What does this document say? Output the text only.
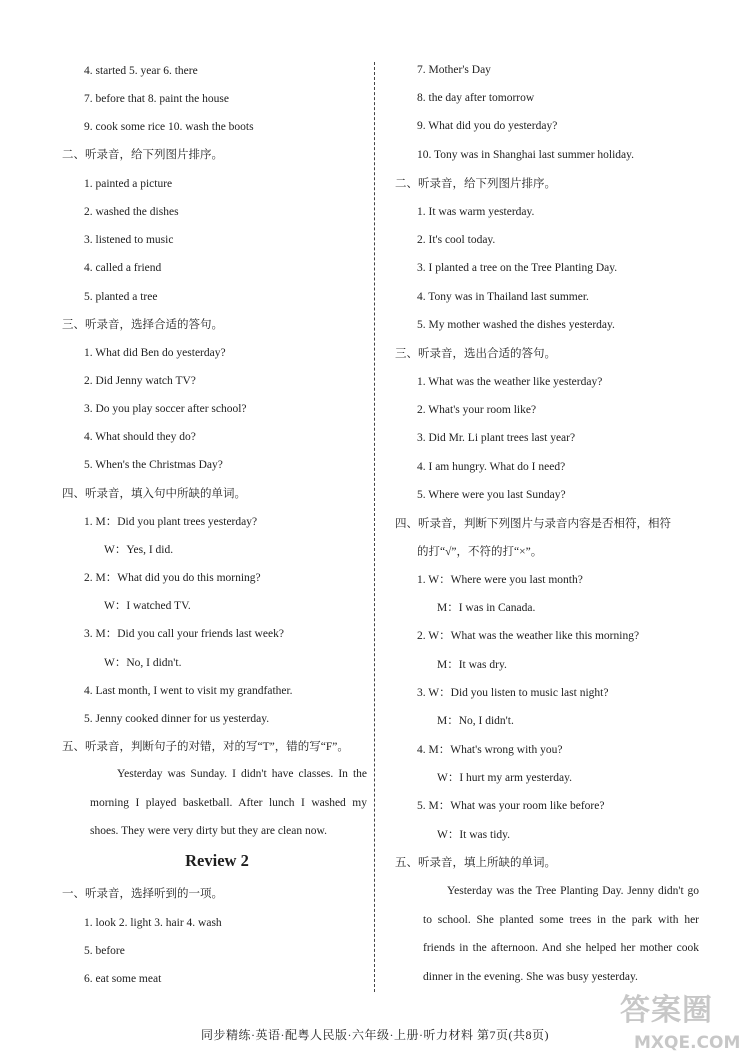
4. started 5. year 6. there
7. before that 8. paint the house
9. cook some rice 10. wash the boots
二、听录音，给下列图片排序。
1. painted a picture
2. washed the dishes
3. listened to music
4. called a friend
5. planted a tree
三、听录音，选择合适的答句。
1. What did Ben do yesterday?
2. Did Jenny watch TV?
3. Do you play soccer after school?
4. What should they do?
5. When's the Christmas Day?
四、听录音，填入句中所缺的单词。
1. M：Did you plant trees yesterday?
W：Yes, I did.
2. M：What did you do this morning?
W：I watched TV.
3. M：Did you call your friends last week?
W：No, I didn't.
4. Last month, I went to visit my grandfather.
5. Jenny cooked dinner for us yesterday.
五、听录音，判断句子的对错，对的写“T”，错的写“F”。
Yesterday was Sunday. I didn't have classes. In the morning I played basketball. After lunch I washed my shoes. They were very dirty but they are clean now.
Review 2
一、听录音，选择听到的一项。
1. look 2. light 3. hair 4. wash
5. before
6. eat some meat
7. Mother's Day
8. the day after tomorrow
9. What did you do yesterday?
10. Tony was in Shanghai last summer holiday.
二、听录音，给下列图片排序。
1. It was warm yesterday.
2. It's cool today.
3. I planted a tree on the Tree Planting Day.
4. Tony was in Thailand last summer.
5. My mother washed the dishes yesterday.
三、听录音，选出合适的答句。
1. What was the weather like yesterday?
2. What's your room like?
3. Did Mr. Li plant trees last year?
4. I am hungry. What do I need?
5. Where were you last Sunday?
四、听录音，判断下列图片与录音内容是否相符，相符
的打“√”，不符的打“×”。
1. W：Where were you last month?
M：I was in Canada.
2. W：What was the weather like this morning?
M：It was dry.
3. W：Did you listen to music last night?
M：No, I didn't.
4. M：What's wrong with you?
W：I hurt my arm yesterday.
5. M：What was your room like before?
W：It was tidy.
五、听录音，填上所缺的单词。
Yesterday was the Tree Planting Day. Jenny didn't go to school. She planted some trees in the park with her friends in the afternoon. And she helped her mother cook dinner in the evening. She was busy yesterday.
同步精练·英语·配粤人民版·六年级·上册·听力材料 第7页(共8页)
答案圈
MXQE.COM
